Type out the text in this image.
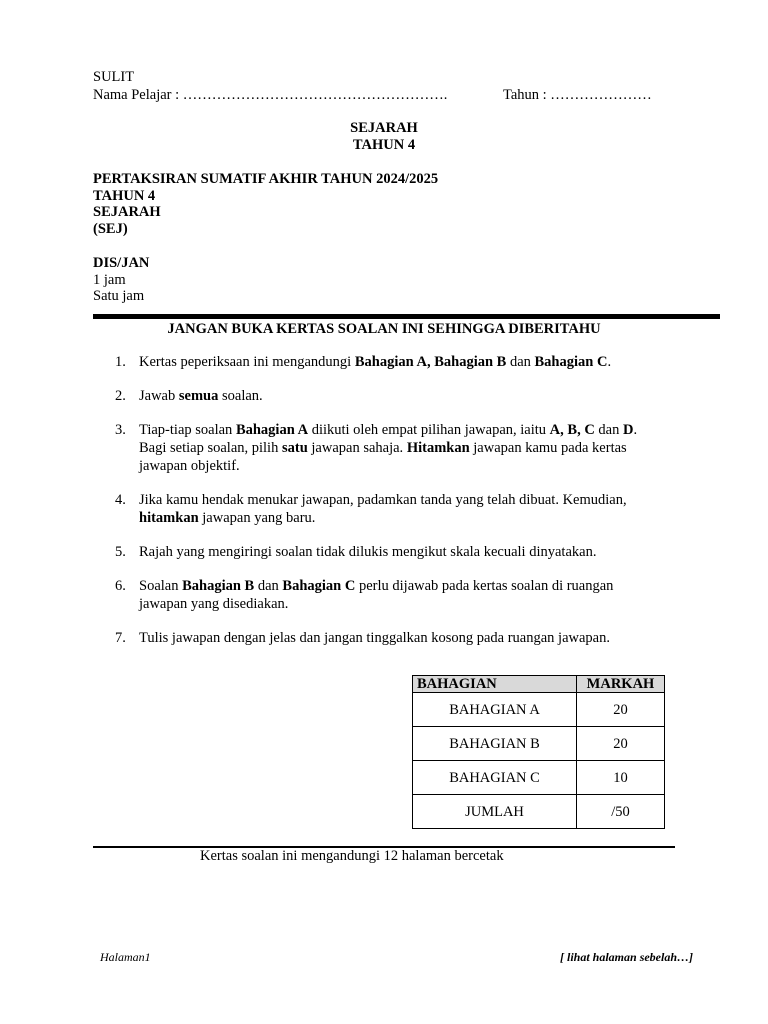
SULIT
Nama Pelajar : ……………………………………………….	Tahun : …………………
SEJARAH
TAHUN 4
PERTAKSIRAN SUMATIF AKHIR TAHUN 2024/2025
TAHUN 4
SEJARAH
(SEJ)
DIS/JAN
1 jam
Satu jam
JANGAN BUKA KERTAS SOALAN INI SEHINGGA DIBERITAHU
1. Kertas peperiksaan ini mengandungi Bahagian A, Bahagian B dan Bahagian C.
2. Jawab semua soalan.
3. Tiap-tiap soalan Bahagian A diikuti oleh empat pilihan jawapan, iaitu A, B, C dan D. Bagi setiap soalan, pilih satu jawapan sahaja. Hitamkan jawapan kamu pada kertas jawapan objektif.
4. Jika kamu hendak menukar jawapan, padamkan tanda yang telah dibuat. Kemudian, hitamkan jawapan yang baru.
5. Rajah yang mengiringi soalan tidak dilukis mengikut skala kecuali dinyatakan.
6. Soalan Bahagian B dan Bahagian C perlu dijawab pada kertas soalan di ruangan jawapan yang disediakan.
7. Tulis jawapan dengan jelas dan jangan tinggalkan kosong pada ruangan jawapan.
BAHAGIAN	MARKAH
BAHAGIAN A	20
BAHAGIAN B	20
BAHAGIAN C	10
JUMLAH	/50
Kertas soalan ini mengandungi 12 halaman bercetak
Halaman1	[ lihat halaman sebelah…]
